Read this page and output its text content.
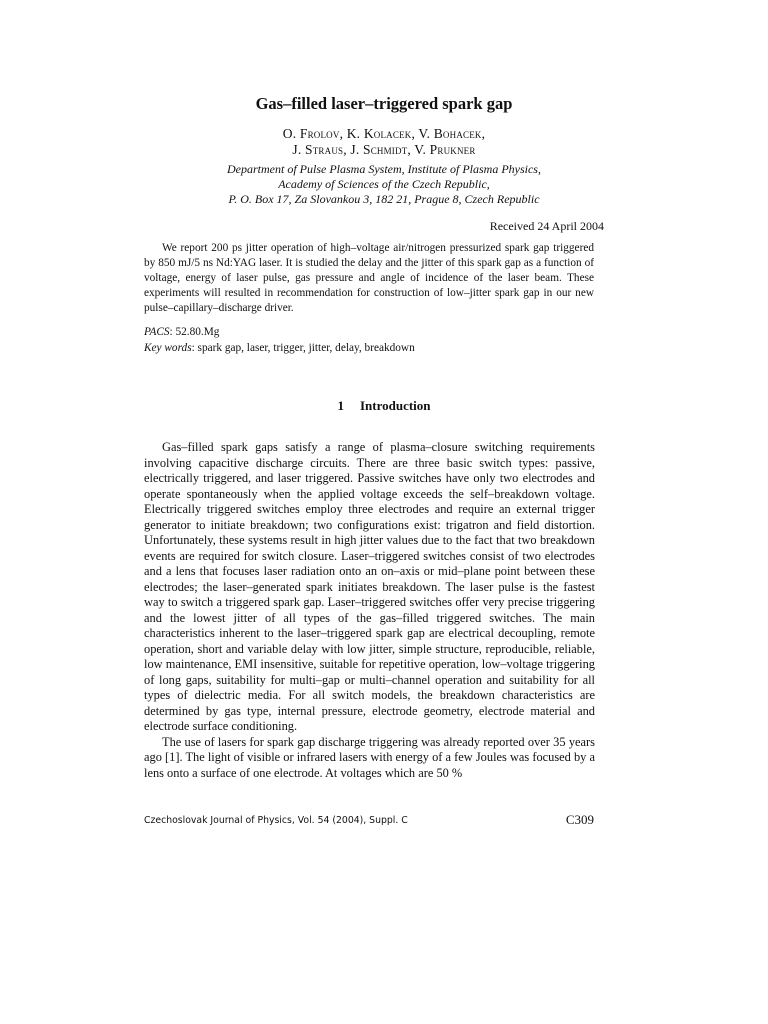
Gas–filled laser–triggered spark gap
O. Frolov, K. Kolacek, V. Bohacek,
J. Straus, J. Schmidt, V. Prukner
Department of Pulse Plasma System, Institute of Plasma Physics,
Academy of Sciences of the Czech Republic,
P. O. Box 17, Za Slovankou 3, 182 21, Prague 8, Czech Republic
Received 24 April 2004

We report 200 ps jitter operation of high–voltage air/nitrogen pressurized spark gap triggered by 850 mJ/5 ns Nd:YAG laser. It is studied the delay and the jitter of this spark gap as a function of voltage, energy of laser pulse, gas pressure and angle of incidence of the laser beam. These experiments will resulted in recommendation for construction of low–jitter spark gap in our new pulse–capillary–discharge driver.

PACS: 52.80.Mg
Key words: spark gap, laser, trigger, jitter, delay, breakdown
1 Introduction

Gas–filled spark gaps satisfy a range of plasma–closure switching requirements involving capacitive discharge circuits. There are three basic switch types: passive, electrically triggered, and laser triggered. Passive switches have only two electrodes and operate spontaneously when the applied voltage exceeds the self–breakdown voltage. Electrically triggered switches employ three electrodes and require an external trigger generator to initiate breakdown; two configurations exist: trigatron and field distortion. Unfortunately, these systems result in high jitter values due to the fact that two breakdown events are required for switch closure. Laser–triggered switches consist of two electrodes and a lens that focuses laser radiation onto an on–axis or mid–plane point between these electrodes; the laser–generated spark initiates breakdown. The laser pulse is the fastest way to switch a triggered spark gap. Laser–triggered switches offer very precise triggering and the lowest jitter of all types of the gas–filled triggered switches. The main characteristics inherent to the laser–triggered spark gap are electrical decoupling, remote operation, short and variable delay with low jitter, simple structure, reproducible, reliable, low maintenance, EMI insensitive, suitable for repetitive operation, low–voltage triggering of long gaps, suitability for multi–gap or multi–channel operation and suitability for all types of dielectric media. For all switch models, the breakdown characteristics are determined by gas type, internal pressure, electrode geometry, electrode material and electrode surface conditioning.

The use of lasers for spark gap discharge triggering was already reported over 35 years ago [1]. The light of visible or infrared lasers with energy of a few Joules was focused by a lens onto a surface of one electrode. At voltages which are 50 %

Czechoslovak Journal of Physics, Vol. 54 (2004), Suppl. C	C309
